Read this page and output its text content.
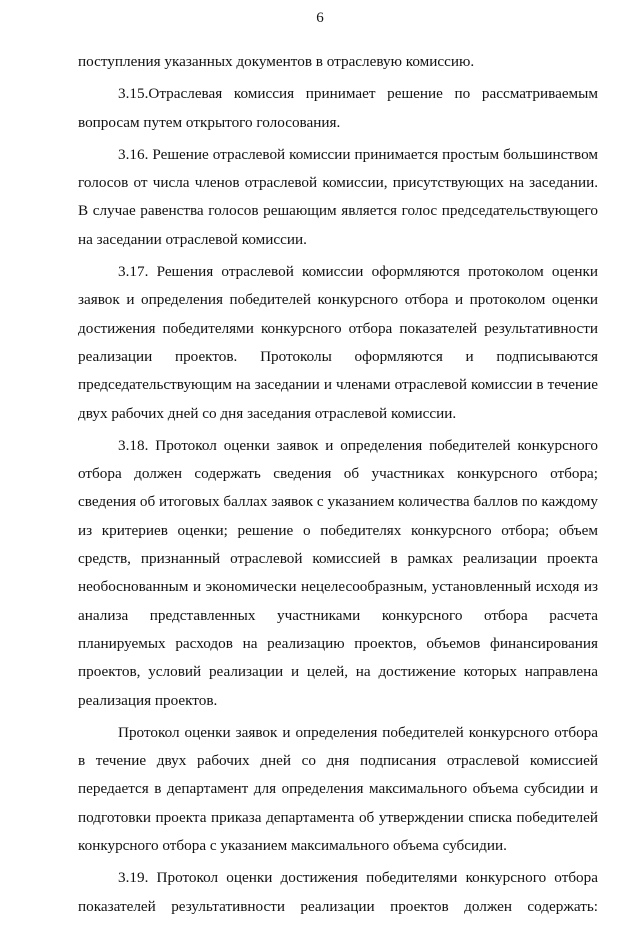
6

поступления указанных документов в отраслевую комиссию.

3.15.Отраслевая комиссия принимает решение по рассматриваемым вопросам путем открытого голосования.

3.16. Решение отраслевой комиссии принимается простым большинством голосов от числа членов отраслевой комиссии, присутствующих на заседании. В случае равенства голосов решающим является голос председательствующего на заседании отраслевой комиссии.

3.17. Решения отраслевой комиссии оформляются протоколом оценки заявок и определения победителей конкурсного отбора и протоколом оценки достижения победителями конкурсного отбора показателей результативности реализации проектов. Протоколы оформляются и подписываются председательствующим на заседании и членами отраслевой комиссии в течение двух рабочих дней со дня заседания отраслевой комиссии.

3.18. Протокол оценки заявок и определения победителей конкурсного отбора должен содержать сведения об участниках конкурсного отбора; сведения об итоговых баллах заявок с указанием количества баллов по каждому из критериев оценки; решение о победителях конкурсного отбора; объем средств, признанный отраслевой комиссией в рамках реализации проекта необоснованным и экономически нецелесообразным, установленный исходя из анализа представленных участниками конкурсного отбора расчета планируемых расходов на реализацию проектов, объемов финансирования проектов, условий реализации и целей, на достижение которых направлена реализация проектов.

Протокол оценки заявок и определения победителей конкурсного отбора в течение двух рабочих дней со дня подписания отраслевой комиссией передается в департамент для определения максимального объема субсидии и подготовки проекта приказа департамента об утверждении списка победителей конкурсного отбора с указанием максимального объема субсидии.

3.19. Протокол оценки достижения победителями конкурсного отбора показателей результативности реализации проектов должен содержать:
